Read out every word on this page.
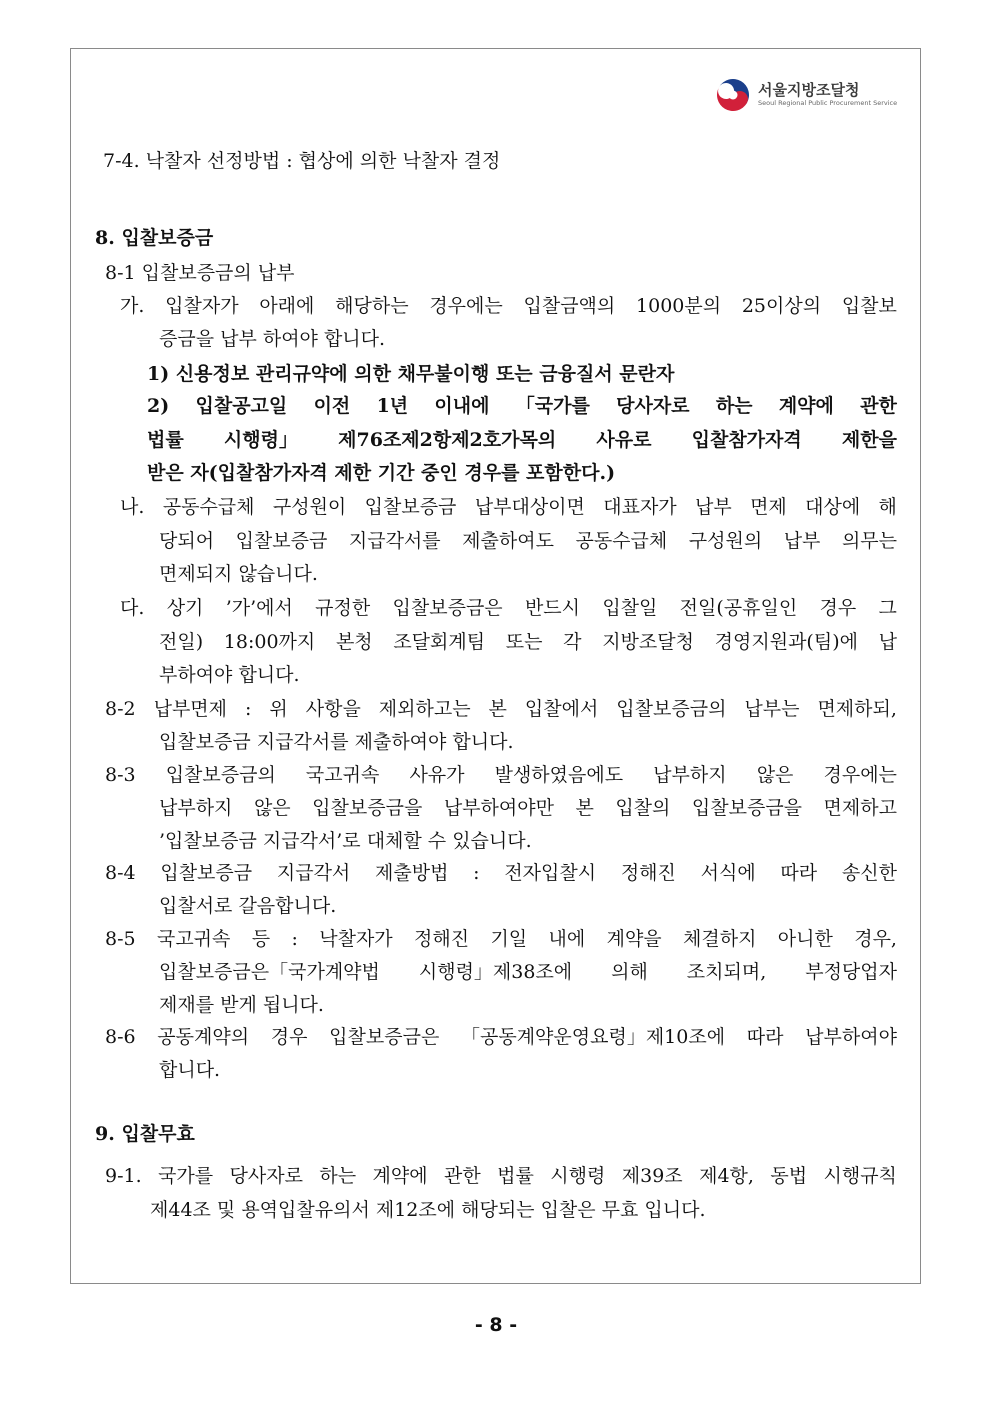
서울지방조달청
Seoul Regional Public Procurement Service
7-4. 낙찰자 선정방법 : 협상에 의한 낙찰자 결정
8. 입찰보증금
8-1 입찰보증금의 납부
가. 입찰자가 아래에 해당하는 경우에는 입찰금액의 1000분의 25이상의 입찰보
증금을 납부 하여야 합니다.
1) 신용정보 관리규약에 의한 채무불이행 또는 금융질서 문란자
2) 입찰공고일 이전 1년 이내에 「국가를 당사자로 하는 계약에 관한
법률 시행령」 제76조제2항제2호가목의 사유로 입찰참가자격 제한을
받은 자(입찰참가자격 제한 기간 중인 경우를 포함한다.)
나. 공동수급체 구성원이 입찰보증금 납부대상이면 대표자가 납부 면제 대상에 해
당되어 입찰보증금 지급각서를 제출하여도 공동수급체 구성원의 납부 의무는
면제되지 않습니다.
다. 상기 ’가’에서 규정한 입찰보증금은 반드시 입찰일 전일(공휴일인 경우 그
전일) 18:00까지 본청 조달회계팀 또는 각 지방조달청 경영지원과(팀)에 납
부하여야 합니다.
8-2 납부면제 : 위 사항을 제외하고는 본 입찰에서 입찰보증금의 납부는 면제하되,
입찰보증금 지급각서를 제출하여야 합니다.
8-3 입찰보증금의 국고귀속 사유가 발생하였음에도 납부하지 않은 경우에는
납부하지 않은 입찰보증금을 납부하여야만 본 입찰의 입찰보증금을 면제하고
’입찰보증금 지급각서’로 대체할 수 있습니다.
8-4 입찰보증금 지급각서 제출방법 : 전자입찰시 정해진 서식에 따라 송신한
입찰서로 갈음합니다.
8-5 국고귀속 등 : 낙찰자가 정해진 기일 내에 계약을 체결하지 아니한 경우,
입찰보증금은「국가계약법 시행령」제38조에 의해 조치되며, 부정당업자
제재를 받게 됩니다.
8-6 공동계약의 경우 입찰보증금은 「공동계약운영요령」제10조에 따라 납부하여야
합니다.
9. 입찰무효
9-1. 국가를 당사자로 하는 계약에 관한 법률 시행령 제39조 제4항, 동법 시행규칙
제44조 및 용역입찰유의서 제12조에 해당되는 입찰은 무효 입니다.
- 8 -
